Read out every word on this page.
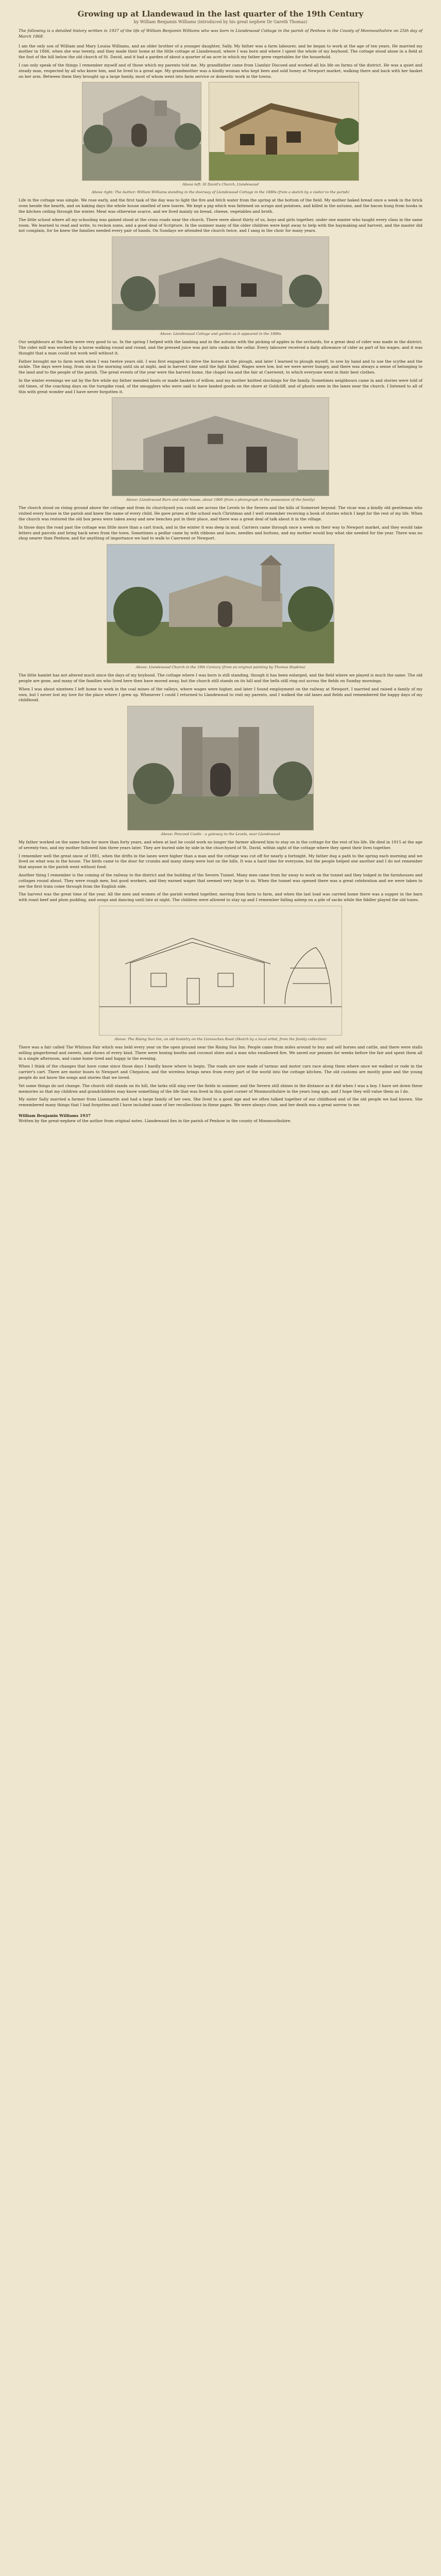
Growing up at Llandewaud in the last quarter of the 19th Century
by William Benjamin Williams (introduced by his great nephew Dr Gareth Thomas)
The following is a detailed history written in 1937 of the life of William Benjamin Williams who was born in Llandewaud Cottage in the parish of Penhow in the County of Monmouthshire on 25th day of March 1868.

I am the only son of William and Mary Louisa Williams, and an older brother of a younger daughter, Sally. My father was a farm labourer, and he began to work at the age of ten years. He married my mother in 1866, when she was twenty, and they made their home at the little cottage at Llandewaud, where I was born and where I spent the whole of my boyhood. The cottage stood alone in a field at the foot of the hill below the old church of St. David, and it had a garden of about a quarter of an acre in which my father grew vegetables for the household.

I can only speak of the things I remember myself and of those which my parents told me. My grandfather came from Llanfair Discoed and worked all his life on farms of the district. He was a quiet and steady man, respected by all who knew him, and he lived to a great age. My grandmother was a kindly woman who kept bees and sold honey at Newport market, walking there and back with her basket on her arm. Between them they brought up a large family, most of whom went into farm service or domestic work in the towns.

Above left: St David's Church, Llandewaud
Above right: The Author: William Williams standing in the doorway of Llandewaud Cottage in the 1880s (from a sketch by a visitor to the parish)

Life in the cottage was simple. We rose early, and the first task of the day was to light the fire and fetch water from the spring at the bottom of the field. My mother baked bread once a week in the brick oven beside the hearth, and on baking days the whole house smelled of new loaves. We kept a pig which was fattened on scraps and potatoes, and killed in the autumn, and the bacon hung from hooks in the kitchen ceiling through the winter. Meat was otherwise scarce, and we lived mainly on bread, cheese, vegetables and broth.

The little school where all my schooling was gained stood at the cross roads near the church. There were about thirty of us, boys and girls together, under one master who taught every class in the same room. We learned to read and write, to reckon sums, and a good deal of Scripture. In the summer many of the older children were kept away to help with the haymaking and harvest, and the master did not complain, for he knew the families needed every pair of hands. On Sundays we attended the church twice, and I sang in the choir for many years.

Above: Llandewaud Cottage and garden as it appeared in the 1890s

Our neighbours at the farm were very good to us. In the spring I helped with the lambing and in the autumn with the picking of apples in the orchards, for a great deal of cider was made in the district. The cider mill was worked by a horse walking round and round, and the pressed juice was put into casks in the cellar. Every labourer received a daily allowance of cider as part of his wages, and it was thought that a man could not work well without it.

Father brought me to farm work when I was twelve years old. I was first engaged to drive the horses at the plough, and later I learned to plough myself, to sow by hand and to use the scythe and the sickle. The days were long, from six in the morning until six at night, and in harvest time until the light failed. Wages were low, but we were never hungry, and there was always a sense of belonging to the land and to the people of the parish. The great events of the year were the harvest home, the chapel tea and the fair at Caerwent, to which everyone went in their best clothes.

In the winter evenings we sat by the fire while my father mended boots or made baskets of willow, and my mother knitted stockings for the family. Sometimes neighbours came in and stories were told of old times, of the coaching days on the turnpike road, of the smugglers who were said to have landed goods on the shore at Goldcliff, and of ghosts seen in the lanes near the church. I listened to all of this with great wonder and I have never forgotten it.

Above: Llandewaud Barn and cider house, about 1900 (from a photograph in the possession of the family)

The church stood on rising ground above the cottage and from its churchyard you could see across the Levels to the Severn and the hills of Somerset beyond. The vicar was a kindly old gentleman who visited every house in the parish and knew the name of every child. He gave prizes at the school each Christmas and I well remember receiving a book of stories which I kept for the rest of my life. When the church was restored the old box pews were taken away and new benches put in their place, and there was a great deal of talk about it in the village.

In those days the road past the cottage was little more than a cart track, and in the winter it was deep in mud. Carriers came through once a week on their way to Newport market, and they would take letters and parcels and bring back news from the town. Sometimes a pedlar came by with ribbons and laces, needles and buttons, and my mother would buy what she needed for the year. There was no shop nearer than Penhow, and for anything of importance we had to walk to Caerwent or Newport.

Above: Llandewaud Church in the 19th Century (from an original painting by Thomas Hopkins)

The little hamlet has not altered much since the days of my boyhood. The cottage where I was born is still standing, though it has been enlarged, and the field where we played is much the same. The old people are gone, and many of the families who lived here then have moved away, but the church still stands on its hill and the bells still ring out across the fields on Sunday mornings.

When I was about nineteen I left home to work in the coal mines of the valleys, where wages were higher, and later I found employment on the railway at Newport. I married and raised a family of my own, but I never lost my love for the place where I grew up. Whenever I could I returned to Llandewaud to visit my parents, and I walked the old lanes and fields and remembered the happy days of my childhood.

Above: Pencoed Castle - a gateway to the Levels, near Llandewaud

My father worked on the same farm for more than forty years, and when at last he could work no longer the farmer allowed him to stay on in the cottage for the rest of his life. He died in 1915 at the age of seventy-two, and my mother followed him three years later. They are buried side by side in the churchyard of St. David, within sight of the cottage where they spent their lives together.

I remember well the great snow of 1881, when the drifts in the lanes were higher than a man and the cottage was cut off for nearly a fortnight. My father dug a path to the spring each morning and we lived on what was in the house. The birds came to the door for crumbs and many sheep were lost on the hills. It was a hard time for everyone, but the people helped one another and I do not remember that anyone in the parish went without food.

Another thing I remember is the coming of the railway to the district and the building of the Severn Tunnel. Many men came from far away to work on the tunnel and they lodged in the farmhouses and cottages round about. They were rough men, but good workers, and they earned wages that seemed very large to us. When the tunnel was opened there was a great celebration and we were taken to see the first train come through from the English side.

The harvest was the great time of the year. All the men and women of the parish worked together, moving from farm to farm, and when the last load was carried home there was a supper in the barn with roast beef and plum pudding, and songs and dancing until late at night. The children were allowed to stay up and I remember falling asleep on a pile of sacks while the fiddler played the old tunes.

Above: The Rising Sun Inn, an old hostelry on the Llanvaches Road (Sketch by a local artist, from the family collection)

There was a fair called The Whitsun Fair which was held every year on the open ground near the Rising Sun Inn. People came from miles around to buy and sell horses and cattle, and there were stalls selling gingerbread and sweets, and shows of every kind. There were boxing booths and coconut shies and a man who swallowed fire. We saved our pennies for weeks before the fair and spent them all in a single afternoon, and came home tired and happy in the evening.

When I think of the changes that have come since those days I hardly know where to begin. The roads are now made of tarmac and motor cars race along them where once we walked or rode in the carrier's cart. There are motor buses to Newport and Chepstow, and the wireless brings news from every part of the world into the cottage kitchen. The old customs are mostly gone and the young people do not know the songs and stories that we loved.

Yet some things do not change. The church still stands on its hill, the larks still sing over the fields in summer, and the Severn still shines in the distance as it did when I was a boy. I have set down these memories so that my children and grandchildren may know something of the life that was lived in this quiet corner of Monmouthshire in the years long ago, and I hope they will value them as I do.

My sister Sally married a farmer from Llanmartin and had a large family of her own. She lived to a good age and we often talked together of our childhood and of the old people we had known. She remembered many things that I had forgotten and I have included some of her recollections in these pages. We were always close, and her death was a great sorrow to me.

William Benjamin Williams 1937
Written by the great-nephew of the author from original notes. Llandewaud lies in the parish of Penhow in the county of Monmouthshire.
